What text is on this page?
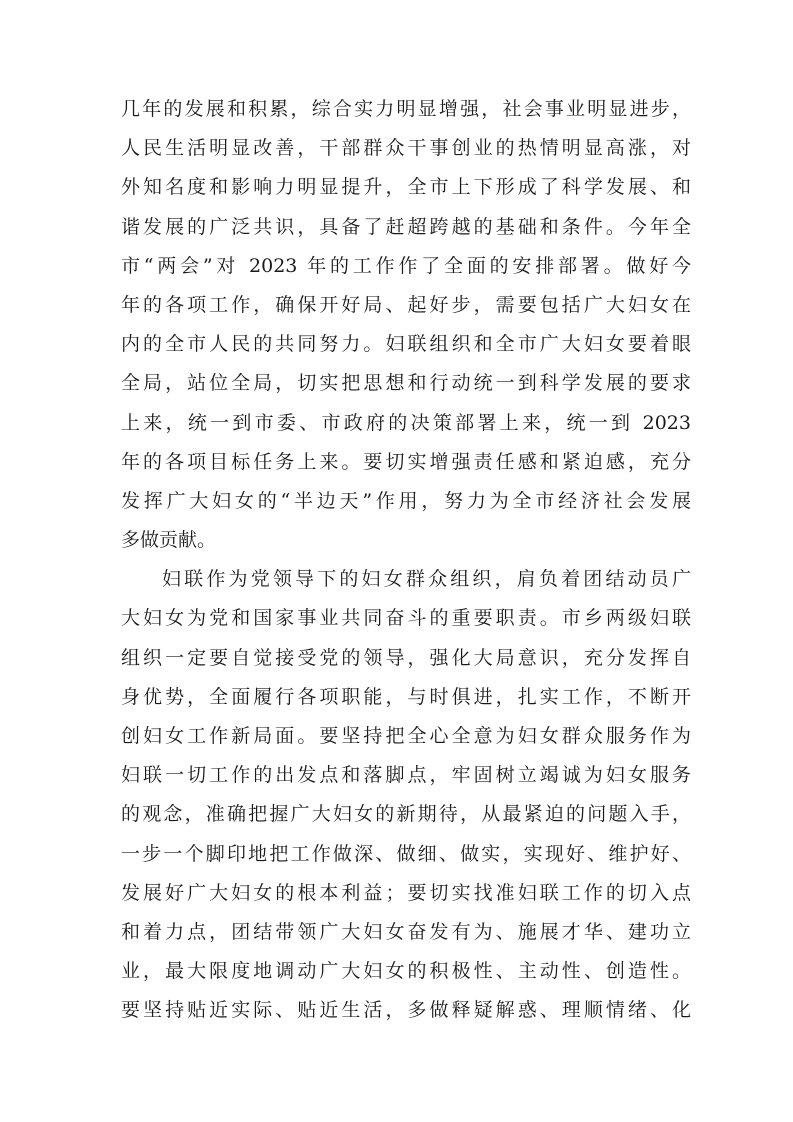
几年的发展和积累，综合实力明显增强，社会事业明显进步，
人民生活明显改善，干部群众干事创业的热情明显高涨，对
外知名度和影响力明显提升，全市上下形成了科学发展、和
谐发展的广泛共识，具备了赶超跨越的基础和条件。今年全
市“两会”对 2023 年的工作作了全面的安排部署。做好今
年的各项工作，确保开好局、起好步，需要包括广大妇女在
内的全市人民的共同努力。妇联组织和全市广大妇女要着眼
全局，站位全局，切实把思想和行动统一到科学发展的要求
上来，统一到市委、市政府的决策部署上来，统一到 2023
年的各项目标任务上来。要切实增强责任感和紧迫感，充分
发挥广大妇女的“半边天”作用，努力为全市经济社会发展
多做贡献。
妇联作为党领导下的妇女群众组织，肩负着团结动员广
大妇女为党和国家事业共同奋斗的重要职责。市乡两级妇联
组织一定要自觉接受党的领导，强化大局意识，充分发挥自
身优势，全面履行各项职能，与时俱进，扎实工作，不断开
创妇女工作新局面。要坚持把全心全意为妇女群众服务作为
妇联一切工作的出发点和落脚点，牢固树立竭诚为妇女服务
的观念，准确把握广大妇女的新期待，从最紧迫的问题入手，
一步一个脚印地把工作做深、做细、做实，实现好、维护好、
发展好广大妇女的根本利益；要切实找准妇联工作的切入点
和着力点，团结带领广大妇女奋发有为、施展才华、建功立
业，最大限度地调动广大妇女的积极性、主动性、创造性。
要坚持贴近实际、贴近生活，多做释疑解惑、理顺情绪、化
